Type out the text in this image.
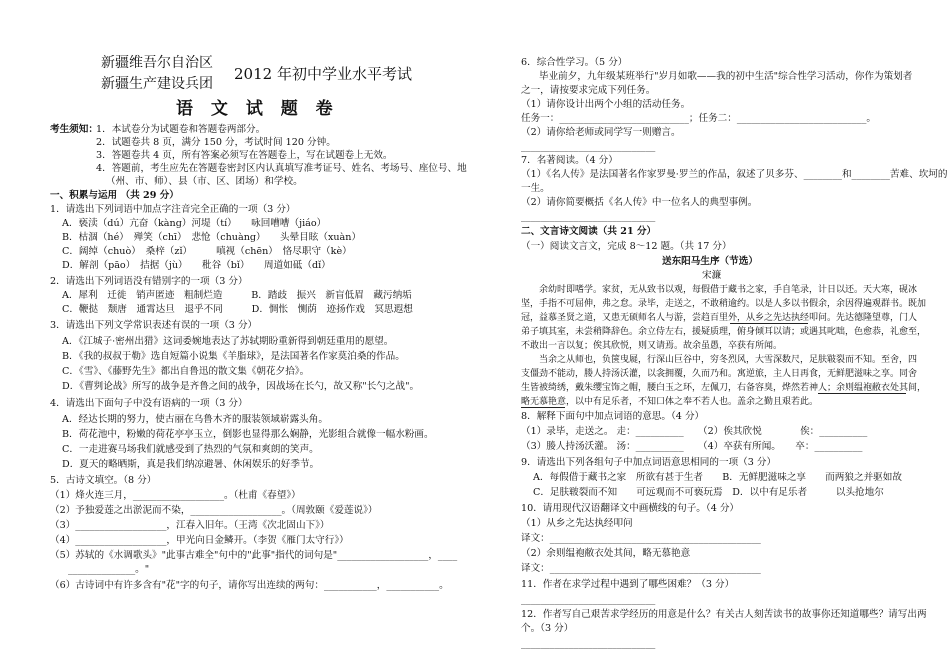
新疆维吾尔自治区
新疆生产建设兵团
2012 年初中学业水平考试
语 文 试 题 卷
考生须知：
1．本试卷分为试题卷和答题卷两部分。
2．试题卷共 8 页，满分 150 分，考试时间 120 分钟。
3．答题卷共 4 页，所有答案必须写在答题卷上，写在试题卷上无效。
4．答题前，考生应先在答题卷密封区内认真填写准考证号、姓名、考场号、座位号、地
（州、市、师）、县（市、区、团场）和学校。
一、积累与运用 （共 29 分）
1．请选出下列词语中加点字注音完全正确的一项（3 分）
A．亵渎（dú）亢奋（kàng）河堤（tí）　　咏回嘈嘈（jiáo）
B．枯涸（hé）　殚笑（chī）　悲怆（chuàng）　　头晕目眩（xuàn）
C．阔绰（chuò）　桑梓（zǐ）　　　嗔视（chēn）　恪尽职守（kè）
D．解剖（pāo）　拮据（jù）　　秕谷（bǐ）　　周道如砥（dǐ）
2．请选出下列词语没有错别字的一项（3 分）
A．犀利　迁徙　销声匿迹　粗制烂造　　　B．踏歧　振兴　新盲低眉　藏污纳垢
C．鞭挞　颓唐　通霄达旦　退乎不同　　　D．惆怅　恻荫　迹扬作戏　冥思遐想
3．请选出下列文学常识表述有误的一项（3 分）
A．《江城子·密州出猎》这词委婉地表达了苏轼期盼重新得到朝廷重用的愿望。
B．《我的叔叔于勒》选自短篇小说集《羊脂球》，是法国著名作家莫泊桑的作品。
C．《雪》、《藤野先生》都出自鲁迅的散文集《朝花夕拾》。
D．《曹刿论战》所写的战争是齐鲁之间的战争，因战场在长勺，故又称"长勺之战"。
4．请选出下面句子中没有语病的一项（3 分）
A．经达长期的努力，使古丽在乌鲁木齐的服装领域崭露头角。
B．荷花池中，粉嫩的荷花亭亭玉立，倒影也显得那么娴静，光影组合就像一幅水粉画。
C．一走进赛马场我们就感受到了热烈的气氛和爽朗的笑声。
D．夏天的略晒斯，真是我们纳凉避暑、休闲娱乐的好季节。
5．古诗文填空。（8 分）
（1）烽火连三月，___________________。（杜甫《春望》）
（2）予独爱莲之出淤泥而不染，___________________。（周敦颐《爱莲说》）
（3）___________________，江春入旧年。（王湾《次北固山下》）
（4）___________________，甲光向日金鳞开。（李贺《雁门太守行》）
（5）苏轼的《水调歌头》"此事古难全"句中的"此事"指代的词句是"___________________，____
______________。"
（6）古诗词中有许多含有"花"字的句子，请你写出连续的两句：___________，___________。
6．综合性学习。（5 分）
毕业前夕，九年级某班举行"岁月如歌——我的初中生活"综合性学习活动，你作为策划者
之一，请按要求完成下列任务。
（1）请你设计出两个小组的活动任务。
任务一：___________________________；任务二：___________________________。
（2）请你给老师或同学写一则赠言。
____________________________
7．名著阅读。（4 分）
（1）《名人传》是法国著名作家罗曼·罗兰的作品，叙述了贝多芬、________和________苦难、坎坷的
一生。
（2）请你简要概括《名人传》中一位名人的典型事例。
____________________________
二、文言诗文阅读（共 21 分）
（一）阅读文言文，完成 8～12 题。（共 17 分）
送东阳马生序（节选）
宋濂
余幼时即嗜学。家贫，无从致书以观，每假借于藏书之家，手自笔录，计日以还。天大寒，砚冰
坚，手指不可屈伸，弗之怠。录毕，走送之，不敢稍逾约。以是人多以书假余，余因得遍观群书。既加
冠，益慕圣贤之道，又患无硕师名人与游，尝趋百里外，从乡之先达执经叩问。先达德隆望尊，门人
弟子填其室，未尝稍降辞色。余立侍左右，援疑质理，俯身倾耳以请；或遇其叱咄，色愈恭，礼愈至，
不敢出一言以复；俟其欣悦，则又请焉。故余虽愚，卒获有所闻。
当余之从师也，负箧曳屣，行深山巨谷中，穷冬烈风，大雪深数尺，足肤皲裂而不知。至舍，四
支僵劲不能动，媵人持汤沃灌，以衾拥覆，久而乃和。寓逆旅，主人日再食，无鲜肥滋味之享。同舍
生皆被绮绣，戴朱缨宝饰之帽，腰白玉之环，左佩刀，右备容臭，烨然若神人；余则缊袍敝衣处其间，
略无慕艳意，以中有足乐者，不知口体之奉不若人也。盖余之勤且艰若此。
8．解释下面句中加点词语的意思。（4 分）
（1）录毕，走送之。 走：__________　　（2）俟其欣悦　　　　俟：__________
（3）媵人持汤沃灌。 汤：__________　　（4）卒获有所闻。　　卒：__________
9．请选出下列各组句子中加点词语意思相同的一项（3 分）
A．每假借于藏书之家　所欲有甚于生者　　B．无鲜肥滋味之享　　而两狼之并驱如故
C．足肤皲裂而不知　　可远观而不可亵玩焉　D．以中有足乐者　　　以头抢地尔
10．请用现代汉语翻译文中画横线的句子。（4 分）
（1）从乡之先达执经叩问
译文：____________________________________________
（2）余则缊袍敝衣处其间，略无慕艳意
译文：____________________________________________
11．作者在求学过程中遇到了哪些困难？（3 分）
____________________________
12．作者写自己艰苦求学经历的用意是什么？有关古人刻苦读书的故事你还知道哪些？请写出两
个。（3 分）
____________________________
